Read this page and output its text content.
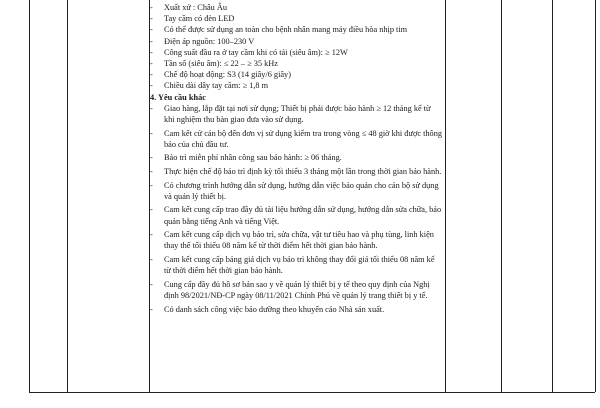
- Xuất xứ : Châu Âu

- Tay cầm có đèn LED

- Có thể được sử dụng an toàn cho bệnh nhân mang máy điều hòa nhịp tim

- Điện áp nguồn: 100–230 V

- Công suất đầu ra ở tay cầm khi có tải (siêu âm): ≥ 12W

- Tần số (siêu âm): ≤ 22 – ≥ 35 kHz

- Chế độ hoạt động: S3 (14 giây/6 giây)

- Chiều dài dây tay cầm: ≥ 1,8 m

4. Yêu cầu khác

- Giao hàng, lắp đặt tại nơi sử dụng; Thiết bị phải được bảo hành ≥ 12 tháng kể từ khi nghiệm thu bàn giao đưa vào sử dụng.

- Cam kết cử cán bộ đến đơn vị sử dụng kiểm tra trong vòng ≤ 48 giờ khi được thông báo của chủ đầu tư.

- Bảo trì miễn phí nhân công sau bảo hành: ≥ 06 tháng.

- Thực hiện chế độ bảo trì định kỳ tối thiểu 3 tháng một lần trong thời gian bảo hành.

- Có chương trình hướng dẫn sử dụng, hướng dẫn việc bảo quản cho cán bộ sử dụng và quản lý thiết bị.

- Cam kết cung cấp trao đầy đủ tài liệu hướng dẫn sử dụng, hướng dẫn sửa chữa, bảo quản bằng tiếng Anh và tiếng Việt.

- Cam kết cung cấp dịch vụ bảo trì, sửa chữa, vật tư tiêu hao và phụ tùng, linh kiện thay thế tối thiểu 08 năm kể từ thời điểm hết thời gian bảo hành.

- Cam kết cung cấp bảng giá dịch vụ bảo trì không thay đổi giá tối thiểu 08 năm kể từ thời điểm hết thời gian bảo hành.

- Cung cấp đầy đủ hồ sơ bản sao y về quản lý thiết bị y tế theo quy định của Nghị định 98/2021/NĐ-CP ngày 08/11/2021 Chính Phủ về quản lý trang thiết bị y tế.

- Có danh sách công việc bảo dưỡng theo khuyến cáo Nhà sản xuất.
